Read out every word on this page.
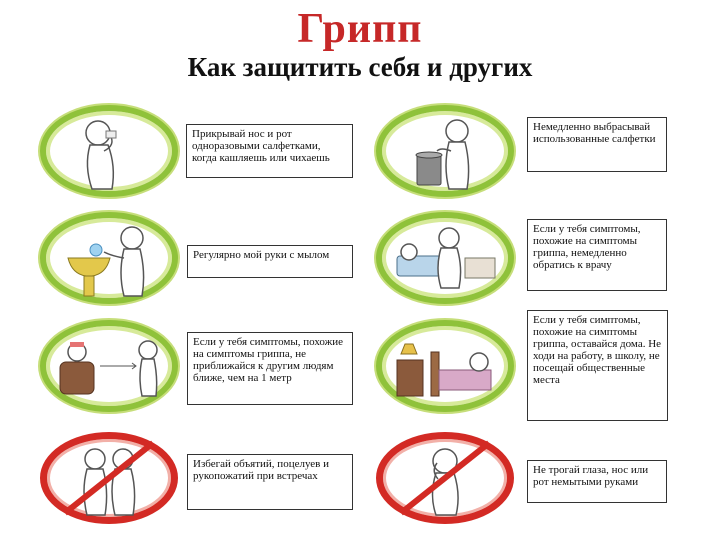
Грипп
Как защитить себя и других
Прикрывай нос и рот одноразовыми салфетками, когда кашляешь или чихаешь
Немедленно выбрасывай использованные салфетки
Регулярно мой руки с мылом
Если у тебя симптомы, похожие на симптомы гриппа, немедленно обратись к врачу
Если у тебя симптомы, похожие на симптомы гриппа, не приближайся к другим людям ближе, чем на 1 метр
Если у тебя симптомы, похожие на симптомы гриппа, оставайся дома. Не ходи на работу, в школу, не посещай общественные места
Избегай объятий, поцелуев и рукопожатий при встречах	Не трогай глаза, нос или рот немытыми руками
